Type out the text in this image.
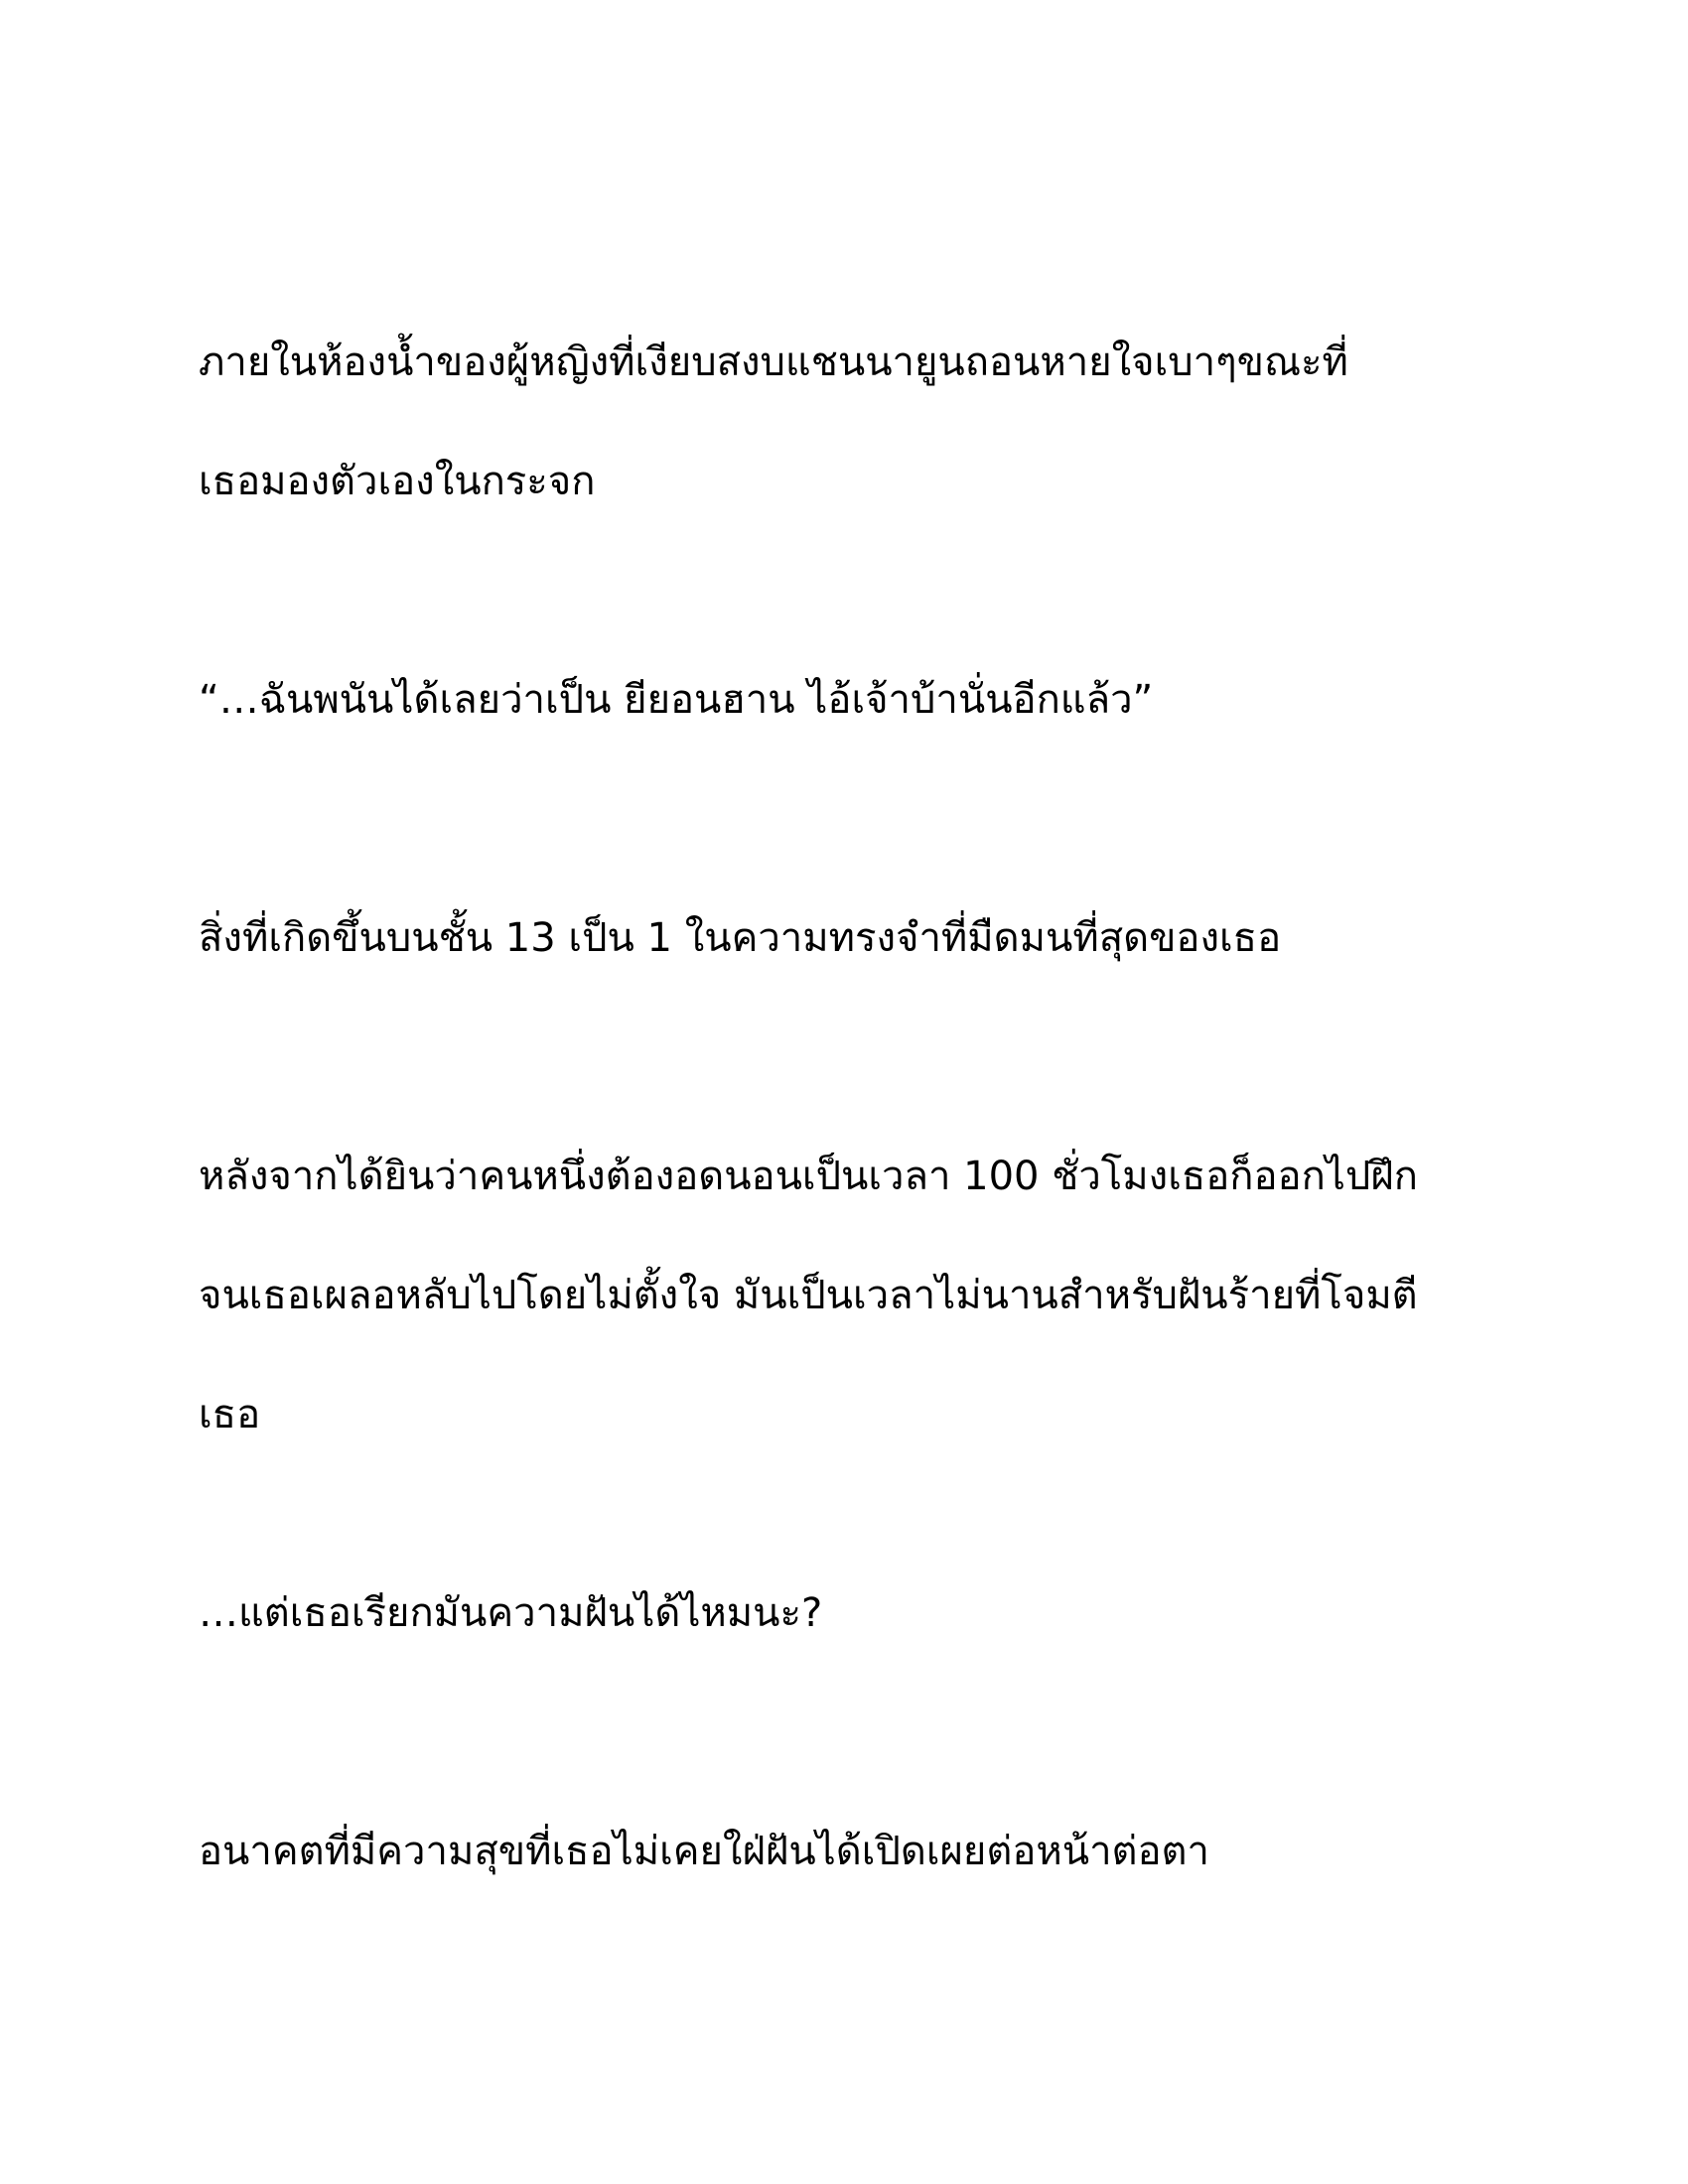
ภายในห้องน้ำของผู้หญิงที่เงียบสงบแชนนายูนถอนหายใจเบาๆขณะที่
เธอมองตัวเองในกระจก

“…ฉันพนันได้เลยว่าเป็น ยียอนฮาน ไอ้เจ้าบ้านั่นอีกแล้ว”

สิ่งที่เกิดขึ้นบนชั้น 13 เป็น 1 ในความทรงจำที่มืดมนที่สุดของเธอ

หลังจากได้ยินว่าคนหนึ่งต้องอดนอนเป็นเวลา 100 ชั่วโมงเธอก็ออกไปฝึก
จนเธอเผลอหลับไปโดยไม่ตั้งใจ มันเป็นเวลาไม่นานสำหรับฝันร้ายที่โจมตี
เธอ

…แต่เธอเรียกมันความฝันได้ไหมนะ?

อนาคตที่มีความสุขที่เธอไม่เคยใฝ่ฝันได้เปิดเผยต่อหน้าต่อตา
